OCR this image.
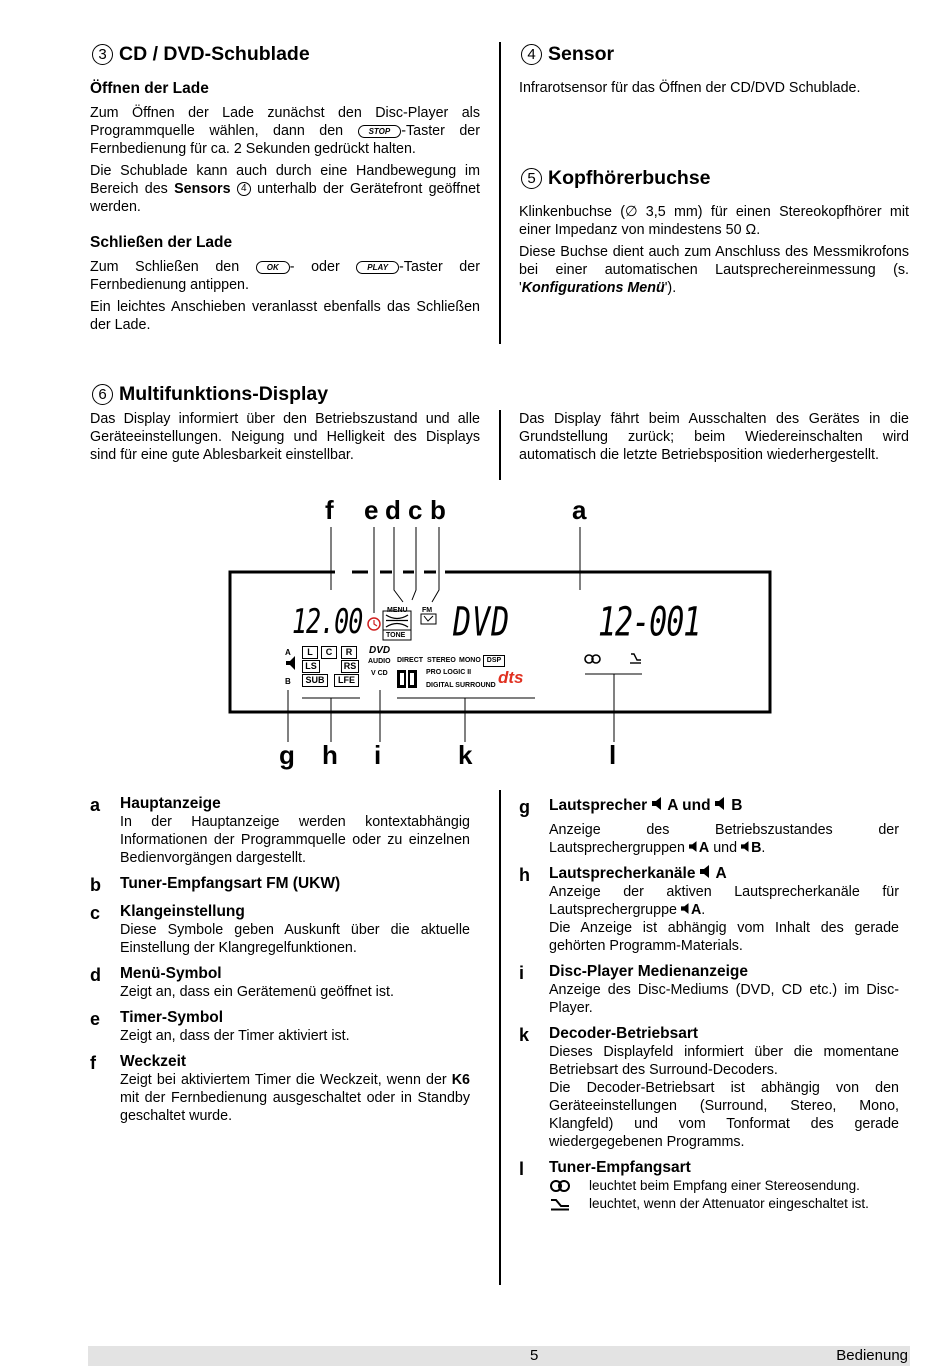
3 CD / DVD-Schublade
Öffnen der Lade

Zum Öffnen der Lade zunächst den Disc-Player als Programmquelle wählen, dann den	STOP -Taster der Fernbedienung für ca. 2 Sekunden gedrückt halten.

Die Schublade kann auch durch eine Handbewegung im Bereich des Sensors 4 unterhalb der Gerätefront geöffnet werden.

Schließen der Lade

Zum Schließen den	OK - oder	PLAY -Taster der Fernbedienung antippen.

Ein leichtes Anschieben veranlasst ebenfalls das Schließen der Lade.

4 Sensor

Infrarotsensor für das Öffnen der CD/DVD Schublade.

5 Kopfhörerbuchse

Klinkenbuchse (∅ 3,5 mm) für einen Stereokopfhörer mit einer Impedanz von mindestens 50 Ω.

Diese Buchse dient auch zum Anschluss des Messmikrofons bei einer automatischen Lautsprechereinmessung (s. 'Konfigurations Menü').

6 Multifunktions-Display

Das Display informiert über den Betriebszustand und alle Geräteeinstellungen. Neigung und Helligkeit des Displays sind für eine gute Ablesbarkeit einstellbar.

Das Display fährt beim Ausschalten des Gerätes in die Grundstellung zurück; beim Wiedereinschalten wird automatisch die letzte Betriebsposition wiederhergestellt.

f e d c b	a
12.00	MENU
TONE
FM DVD	12-001
A
B
L	C	R
LS	RS
SUB	LFE
DVD
AUDIO
V CD
DIRECT STEREO MONO DSP
PRO LOGIC II
DIGITAL SURROUND dts
g h i	k	l
a Hauptanzeige
In der Hauptanzeige werden kontextabhängig Informationen der Programmquelle oder zu einzelnen Bedienvorgängen dargestellt.
b Tuner-Empfangsart FM (UKW)
c Klangeinstellung
Diese Symbole geben Auskunft über die aktuelle Einstellung der Klangregelfunktionen.
d Menü-Symbol
Zeigt an, dass ein Gerätemenü geöffnet ist.
e Timer-Symbol
Zeigt an, dass der Timer aktiviert ist.
f Weckzeit
Zeigt bei aktiviertem Timer die Weckzeit, wenn der K6 mit der Fernbedienung ausgeschaltet oder in Standby geschaltet wurde.
g Lautsprecher A und B
Anzeige des Betriebszustandes der Lautsprechergruppen A und B.
h Lautsprecherkanäle A
Anzeige der aktiven Lautsprecherkanäle für Lautsprechergruppe A.
Die Anzeige ist abhängig vom Inhalt des gerade gehörten Programm-Materials.
i Disc-Player Medienanzeige
Anzeige des Disc-Mediums (DVD, CD etc.) im Disc-Player.
k Decoder-Betriebsart
Dieses Displayfeld informiert über die momentane Betriebsart des Surround-Decoders.
Die Decoder-Betriebsart ist abhängig von den Geräteeinstellungen (Surround, Stereo, Mono, Klangfeld) und vom Tonformat des gerade wiedergegebenen Programms.
l Tuner-Empfangsart
leuchtet beim Empfang einer Stereosendung.
leuchtet, wenn der Attenuator eingeschaltet ist.
5	Bedienung
